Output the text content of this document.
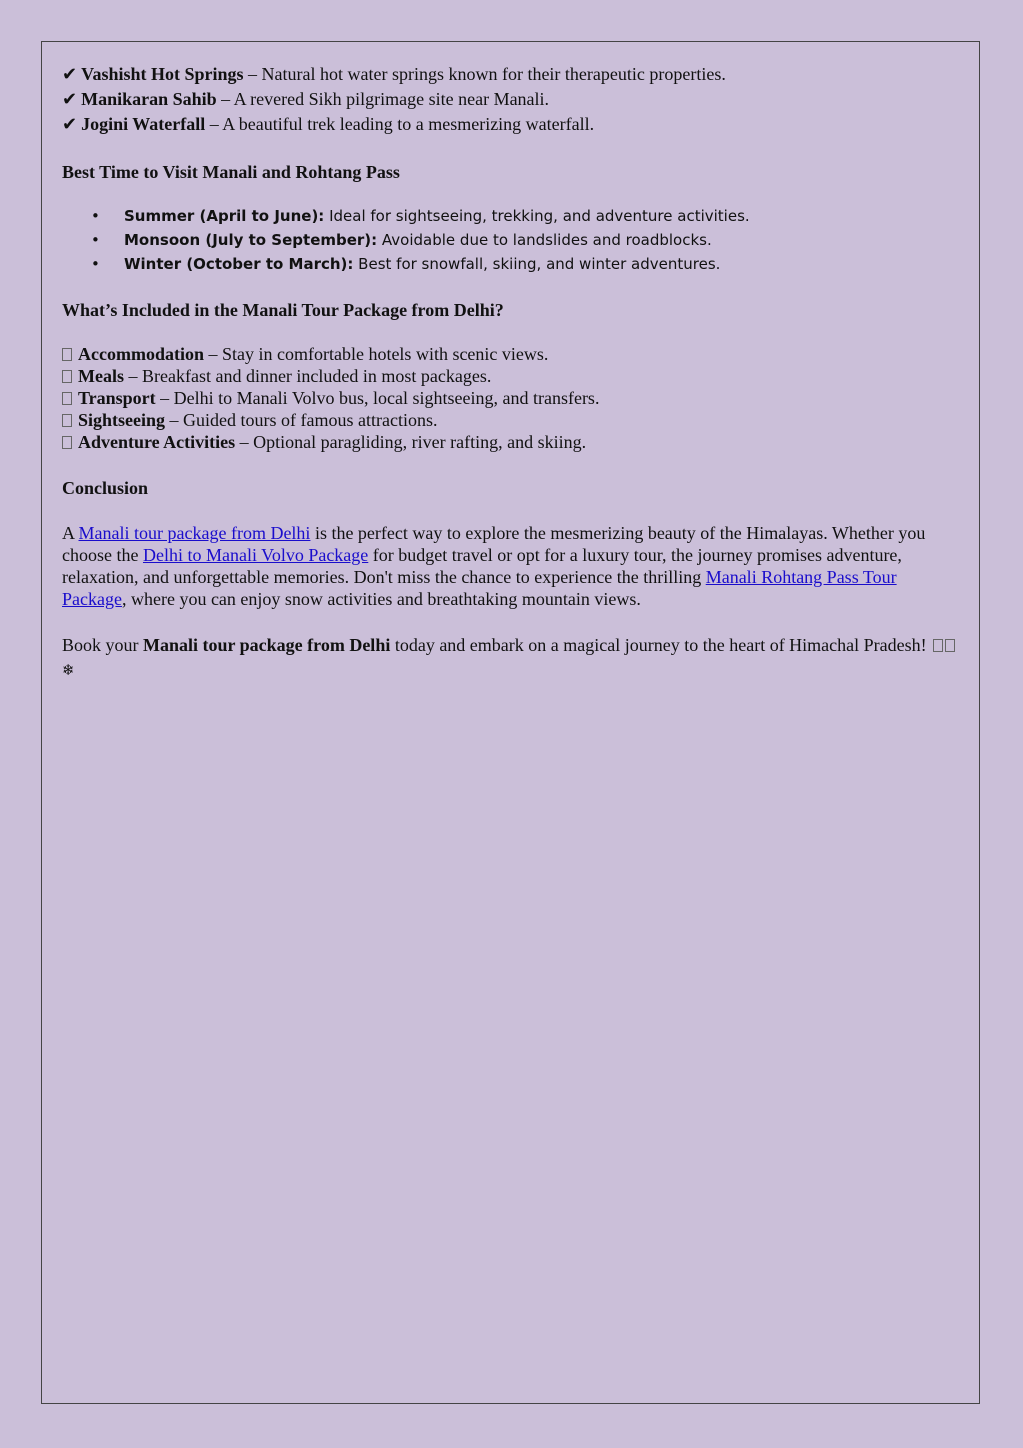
✔ Vashisht Hot Springs – Natural hot water springs known for their therapeutic properties.
✔ Manikaran Sahib – A revered Sikh pilgrimage site near Manali.
✔ Jogini Waterfall – A beautiful trek leading to a mesmerizing waterfall.
Best Time to Visit Manali and Rohtang Pass
• Summer (April to June): Ideal for sightseeing, trekking, and adventure activities.
• Monsoon (July to September): Avoidable due to landslides and roadblocks.
• Winter (October to March): Best for snowfall, skiing, and winter adventures.
What’s Included in the Manali Tour Package from Delhi?
Accommodation – Stay in comfortable hotels with scenic views.
Meals – Breakfast and dinner included in most packages.
Transport – Delhi to Manali Volvo bus, local sightseeing, and transfers.
Sightseeing – Guided tours of famous attractions.
Adventure Activities – Optional paragliding, river rafting, and skiing.
Conclusion
A Manali tour package from Delhi is the perfect way to explore the mesmerizing beauty of the Himalayas. Whether you choose the Delhi to Manali Volvo Package for budget travel or opt for a luxury tour, the journey promises adventure, relaxation, and unforgettable memories. Don't miss the chance to experience the thrilling Manali Rohtang Pass Tour Package, where you can enjoy snow activities and breathtaking mountain views.
Book your Manali tour package from Delhi today and embark on a magical journey to the heart of Himachal Pradesh! ❄
